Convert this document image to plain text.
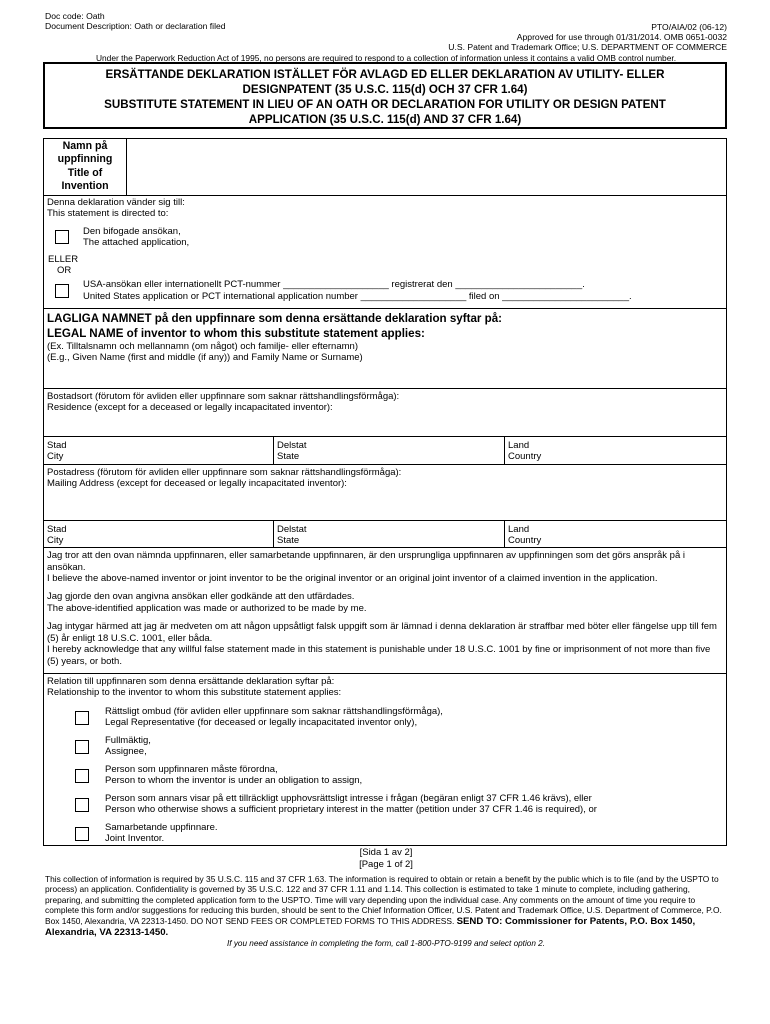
Doc code: Oath
Document Description: Oath or declaration filed	PTO/AIA/02 (06-12)
Approved for use through 01/31/2014. OMB 0651-0032
U.S. Patent and Trademark Office; U.S. DEPARTMENT OF COMMERCE
Under the Paperwork Reduction Act of 1995, no persons are required to respond to a collection of information unless it contains a valid OMB control number.
ERSÄTTANDE DEKLARATION ISTÄLLET FÖR AVLAGD ED ELLER DEKLARATION AV UTILITY- ELLER
DESIGNPATENT (35 U.S.C. 115(d) OCH 37 CFR 1.64)
SUBSTITUTE STATEMENT IN LIEU OF AN OATH OR DECLARATION FOR UTILITY OR DESIGN PATENT
APPLICATION (35 U.S.C. 115(d) AND 37 CFR 1.64)
Namn på
uppfinning
Title of
Invention
Denna deklaration vänder sig till:
This statement is directed to:
Den bifogade ansökan,
The attached application,
ELLER
OR
USA-ansökan eller internationellt PCT-nummer ____________________ registrerat den ________________________.
United States application or PCT international application number ____________________ filed on ________________________.
LAGLIGA NAMNET på den uppfinnare som denna ersättande deklaration syftar på:
LEGAL NAME of inventor to whom this substitute statement applies:
(Ex. Tilltalsnamn och mellannamn (om något) och familje- eller efternamn)
(E.g., Given Name (first and middle (if any)) and Family Name or Surname)
Bostadsort (förutom för avliden eller uppfinnare som saknar rättshandlingsförmåga):
Residence (except for a deceased or legally incapacitated inventor):
Stad
City
Delstat
State
Land
Country
Postadress (förutom för avliden eller uppfinnare som saknar rättshandlingsförmåga):
Mailing Address (except for deceased or legally incapacitated inventor):
Stad
City
Delstat
State
Land
Country
Jag tror att den ovan nämnda uppfinnaren, eller samarbetande uppfinnaren, är den ursprungliga uppfinnaren av uppfinningen som det görs anspråk på i ansökan.
I believe the above-named inventor or joint inventor to be the original inventor or an original joint inventor of a claimed invention in the application.
Jag gjorde den ovan angivna ansökan eller godkände att den utfärdades.
The above-identified application was made or authorized to be made by me.
Jag intygar härmed att jag är medveten om att någon uppsåtligt falsk uppgift som är lämnad i denna deklaration är straffbar med böter eller fängelse upp till fem (5) år enligt 18 U.S.C. 1001, eller båda.
I hereby acknowledge that any willful false statement made in this statement is punishable under 18 U.S.C. 1001 by fine or imprisonment of not more than five (5) years, or both.
Relation till uppfinnaren som denna ersättande deklaration syftar på:
Relationship to the inventor to whom this substitute statement applies:
Rättsligt ombud (för avliden eller uppfinnare som saknar rättshandlingsförmåga),
Legal Representative (for deceased or legally incapacitated inventor only),
Fullmäktig,
Assignee,
Person som uppfinnaren måste förordna,
Person to whom the inventor is under an obligation to assign,
Person som annars visar på ett tillräckligt upphovsrättsligt intresse i frågan (begäran enligt 37 CFR 1.46 krävs), eller
Person who otherwise shows a sufficient proprietary interest in the matter (petition under 37 CFR 1.46 is required), or
Samarbetande uppfinnare.
Joint Inventor.
[Sida 1 av 2]
[Page 1 of 2]
This collection of information is required by 35 U.S.C. 115 and 37 CFR 1.63. The information is required to obtain or retain a benefit by the public which is to file (and by the USPTO to process) an application. Confidentiality is governed by 35 U.S.C. 122 and 37 CFR 1.11 and 1.14. This collection is estimated to take 1 minute to complete, including gathering, preparing, and submitting the completed application form to the USPTO. Time will vary depending upon the individual case. Any comments on the amount of time you require to complete this form and/or suggestions for reducing this burden, should be sent to the Chief Information Officer, U.S. Patent and Trademark Office, U.S. Department of Commerce, P.O. Box 1450, Alexandria, VA 22313-1450. DO NOT SEND FEES OR COMPLETED FORMS TO THIS ADDRESS. SEND TO: Commissioner for Patents, P.O. Box 1450, Alexandria, VA 22313-1450.
If you need assistance in completing the form, call 1-800-PTO-9199 and select option 2.
